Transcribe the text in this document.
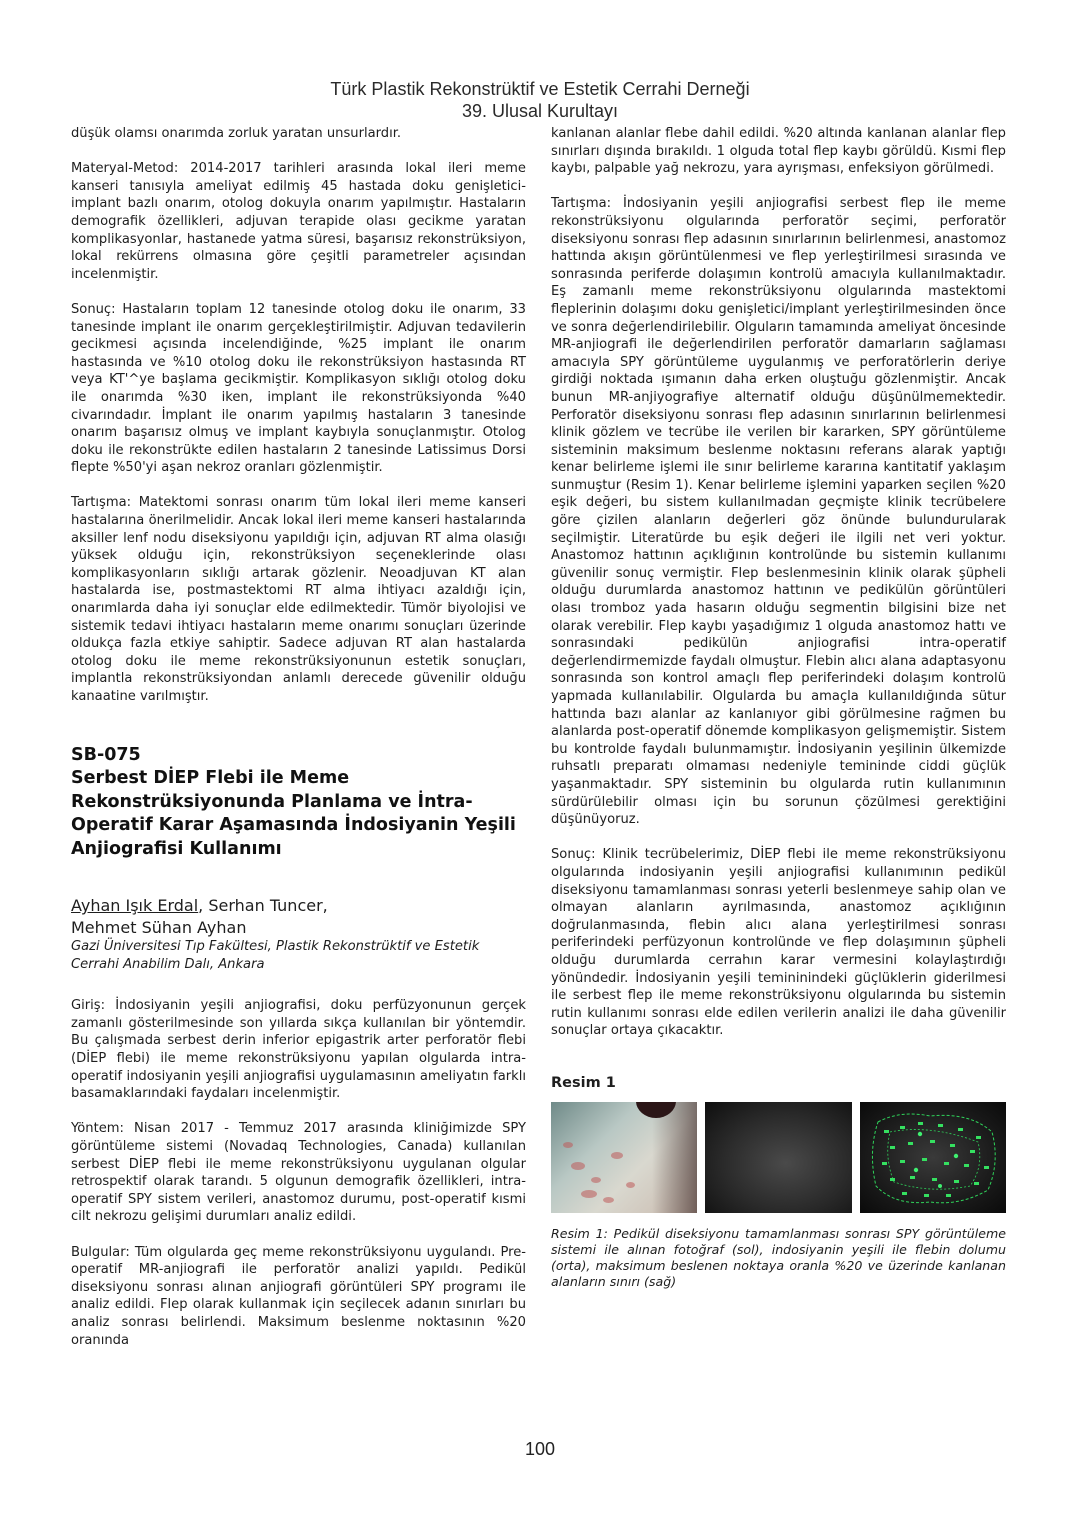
Türk Plastik Rekonstrüktif ve Estetik Cerrahi Derneği
39. Ulusal Kurultayı

düşük olamsı onarımda zorluk yaratan unsurlardır.

Materyal-Metod: 2014-2017 tarihleri arasında lokal ileri meme kanseri tanısıyla ameliyat edilmiş 45 hastada doku genişletici- implant bazlı onarım, otolog dokuyla onarım yapılmıştır. Hastaların demografik özellikleri, adjuvan terapide olası gecikme yaratan komplikasyonlar, hastanede yatma süresi, başarısız rekonstrüksiyon, lokal rekürrens olmasına göre çeşitli parametreler açısından incelenmiştir.

Sonuç: Hastaların toplam 12 tanesinde otolog doku ile onarım, 33 tanesinde implant ile onarım gerçekleştirilmiştir. Adjuvan tedavilerin gecikmesi açısında incelendiğinde, %25 implant ile onarım hastasında ve %10 otolog doku ile rekonstrüksiyon hastasında RT veya KT'^ye başlama gecikmiştir. Komplikasyon sıklığı otolog doku ile onarımda %30 iken, implant ile rekonstrüksiyonda %40 civarındadır. İmplant ile onarım yapılmış hastaların 3 tanesinde onarım başarısız olmuş ve implant kaybıyla sonuçlanmıştır. Otolog doku ile rekonstrükte edilen hastaların 2 tanesinde Latissimus Dorsi flepte %50'yi aşan nekroz oranları gözlenmiştir.

Tartışma: Matektomi sonrası onarım tüm lokal ileri meme kanseri hastalarına önerilmelidir. Ancak lokal ileri meme kanseri hastalarında aksiller lenf nodu diseksiyonu yapıldığı için, adjuvan RT alma olasığı yüksek olduğu için, rekonstrüksiyon seçeneklerinde olası komplikasyonların sıklığı artarak gözlenir. Neoadjuvan KT alan hastalarda ise, postmastektomi RT alma ihtiyacı azaldığı için, onarımlarda daha iyi sonuçlar elde edilmektedir. Tümör biyolojisi ve sistemik tedavi ihtiyacı hastaların meme onarımı sonuçları üzerinde oldukça fazla etkiye sahiptir. Sadece adjuvan RT alan hastalarda otolog doku ile meme rekonstrüksiyonunun estetik sonuçları, implantla rekonstrüksiyondan anlamlı derecede güvenilir olduğu kanaatine varılmıştır.

SB-075
Serbest DİEP Flebi ile Meme Rekonstrüksiyonunda Planlama ve İntra-Operatif Karar Aşamasında İndosiyanin Yeşili Anjiografisi Kullanımı
Ayhan Işık Erdal, Serhan Tuncer,
Mehmet Sühan Ayhan
Gazi Üniversitesi Tıp Fakültesi, Plastik Rekonstrüktif ve Estetik Cerrahi Anabilim Dalı, Ankara

Giriş: İndosiyanin yeşili anjiografisi, doku perfüzyonunun gerçek zamanlı gösterilmesinde son yıllarda sıkça kullanılan bir yöntemdir. Bu çalışmada serbest derin inferior epigastrik arter perforatör flebi (DİEP flebi) ile meme rekonstrüksiyonu yapılan olgularda intra-operatif indosiyanin yeşili anjiografisi uygulamasının ameliyatın farklı basamaklarındaki faydaları incelenmiştir.

Yöntem: Nisan 2017 - Temmuz 2017 arasında kliniğimizde SPY görüntüleme sistemi (Novadaq Technologies, Canada) kullanılan serbest DİEP flebi ile meme rekonstrüksiyonu uygulanan olgular retrospektif olarak tarandı. 5 olgunun demografik özellikleri, intra-operatif SPY sistem verileri, anastomoz durumu, post-operatif kısmi cilt nekrozu gelişimi durumları analiz edildi.

Bulgular: Tüm olgularda geç meme rekonstrüksiyonu uygulandı. Pre-operatif MR-anjiografi ile perforatör analizi yapıldı. Pedikül diseksiyonu sonrası alınan anjiografi görüntüleri SPY programı ile analiz edildi. Flep olarak kullanmak için seçilecek adanın sınırları bu analiz sonrası belirlendi. Maksimum beslenme noktasının %20 oranında

kanlanan alanlar flebe dahil edildi. %20 altında kanlanan alanlar flep sınırları dışında bırakıldı. 1 olguda total flep kaybı görüldü. Kısmi flep kaybı, palpable yağ nekrozu, yara ayrışması, enfeksiyon görülmedi.

Tartışma: İndosiyanin yeşili anjiografisi serbest flep ile meme rekonstrüksiyonu olgularında perforatör seçimi, perforatör diseksiyonu sonrası flep adasının sınırlarının belirlenmesi, anastomoz hattında akışın görüntülenmesi ve flep yerleştirilmesi sırasında ve sonrasında periferde dolaşımın kontrolü amacıyla kullanılmaktadır. Eş zamanlı meme rekonstrüksiyonu olgularında mastektomi fleplerinin dolaşımı doku genişletici/implant yerleştirilmesinden önce ve sonra değerlendirilebilir. Olguların tamamında ameliyat öncesinde MR-anjiografi ile değerlendirilen perforatör damarların sağlaması amacıyla SPY görüntüleme uygulanmış ve perforatörlerin deriye girdiği noktada ışımanın daha erken oluştuğu gözlenmiştir. Ancak bunun MR-anjiyografiye alternatif olduğu düşünülmemektedir. Perforatör diseksiyonu sonrası flep adasının sınırlarının belirlenmesi klinik gözlem ve tecrübe ile verilen bir kararken, SPY görüntüleme sisteminin maksimum beslenme noktasını referans alarak yaptığı kenar belirleme işlemi ile sınır belirleme kararına kantitatif yaklaşım sunmuştur (Resim 1). Kenar belirleme işlemini yaparken seçilen %20 eşik değeri, bu sistem kullanılmadan geçmişte klinik tecrübelere göre çizilen alanların değerleri göz önünde bulundurularak seçilmiştir. Literatürde bu eşik değeri ile ilgili net veri yoktur. Anastomoz hattının açıklığının kontrolünde bu sistemin kullanımı güvenilir sonuç vermiştir. Flep beslenmesinin klinik olarak şüpheli olduğu durumlarda anastomoz hattının ve pedikülün görüntüleri olası tromboz yada hasarın olduğu segmentin bilgisini bize net olarak verebilir. Flep kaybı yaşadığımız 1 olguda anastomoz hattı ve sonrasındaki pedikülün anjiografisi intra-operatif değerlendirmemizde faydalı olmuştur. Flebin alıcı alana adaptasyonu sonrasında son kontrol amaçlı flep periferindeki dolaşım kontrolü yapmada kullanılabilir. Olgularda bu amaçla kullanıldığında sütur hattında bazı alanlar az kanlanıyor gibi görülmesine rağmen bu alanlarda post-operatif dönemde komplikasyon gelişmemiştir. Sistem bu kontrolde faydalı bulunmamıştır. İndosiyanin yeşilinin ülkemizde ruhsatlı preparatı olmaması nedeniyle temininde ciddi güçlük yaşanmaktadır. SPY sisteminin bu olgularda rutin kullanımının sürdürülebilir olması için bu sorunun çözülmesi gerektiğini düşünüyoruz.

Sonuç: Klinik tecrübelerimiz, DİEP flebi ile meme rekonstrüksiyonu olgularında indosiyanin yeşili anjiografisi kullanımının pedikül diseksiyonu tamamlanması sonrası yeterli beslenmeye sahip olan ve olmayan alanların ayrılmasında, anastomoz açıklığının doğrulanmasında, flebin alıcı alana yerleştirilmesi sonrası periferindeki perfüzyonun kontrolünde ve flep dolaşımının şüpheli olduğu durumlarda cerrahın karar vermesini kolaylaştırdığı yönündedir. İndosiyanin yeşili temininindeki güçlüklerin giderilmesi ile serbest flep ile meme rekonstrüksiyonu olgularında bu sistemin rutin kullanımı sonrası elde edilen verilerin analizi ile daha güvenilir sonuçlar ortaya çıkacaktır.

Resim 1
Resim 1: Pedikül diseksiyonu tamamlanması sonrası SPY görüntüleme sistemi ile alınan fotoğraf (sol), indosiyanin yeşili ile flebin dolumu (orta), maksimum beslenen noktaya oranla %20 ve üzerinde kanlanan alanların sınırı (sağ)
100
